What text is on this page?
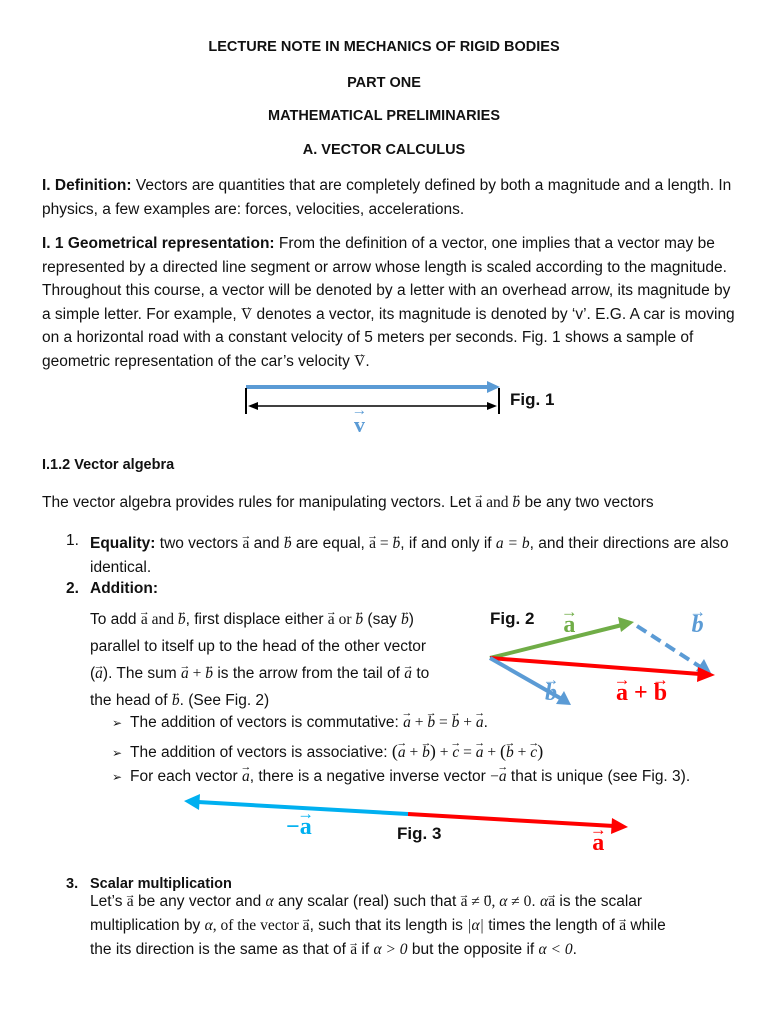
LECTURE NOTE IN MECHANICS OF RIGID BODIES
PART ONE
MATHEMATICAL PRELIMINARIES
A. VECTOR CALCULUS
I. Definition: Vectors are quantities that are completely defined by both a magnitude and a length. In physics, a few examples are: forces, velocities, accelerations.
I. 1 Geometrical representation: From the definition of a vector, one implies that a vector may be represented by a directed line segment or arrow whose length is scaled according to the magnitude. Throughout this course, a vector will be denoted by a letter with an overhead arrow, its magnitude by a simple letter. For example, → V denotes a vector, its magnitude is denoted by ‘v’. E.G. A car is moving on a horizontal road with a constant velocity of 5 meters per seconds. Fig. 1 shows a sample of geometric representation of the car’s velocity → V.
Fig. 1
→ v
I.1.2 Vector algebra
The vector algebra provides rules for manipulating vectors. Let → a and → b be any two vectors
1. Equality: two vectors → a and → b are equal, → a = → b, if and only if a = b, and their directions are also identical.
2. Addition:
To add → a and → b, first displace either → a or → b (say → b)
parallel to itself up to the head of the other vector
(→ a). The sum → a + → b is the arrow from the tail of → a to
the head of → b. (See Fig. 2)
Fig. 2 → a	→ b → b → a + → b
➢ The addition of vectors is commutative: → a + → b = → b + → a.
➢ The addition of vectors is associative: (→ a + → b) + → c = → a + (→ b + → c)
➢ For each vector → a, there is a negative inverse vector −→ a that is unique (see Fig. 3).
−→ a	Fig. 3	→ a
3. Scalar multiplication
Let’s → a be any vector and α any scalar (real) such that → a ≠ → 0, α ≠ 0. α→ a is the scalar
multiplication by α, of the vector → a, such that its length is |α| times the length of → a while
the its direction is the same as that of → a if α > 0 but the opposite if α < 0.
